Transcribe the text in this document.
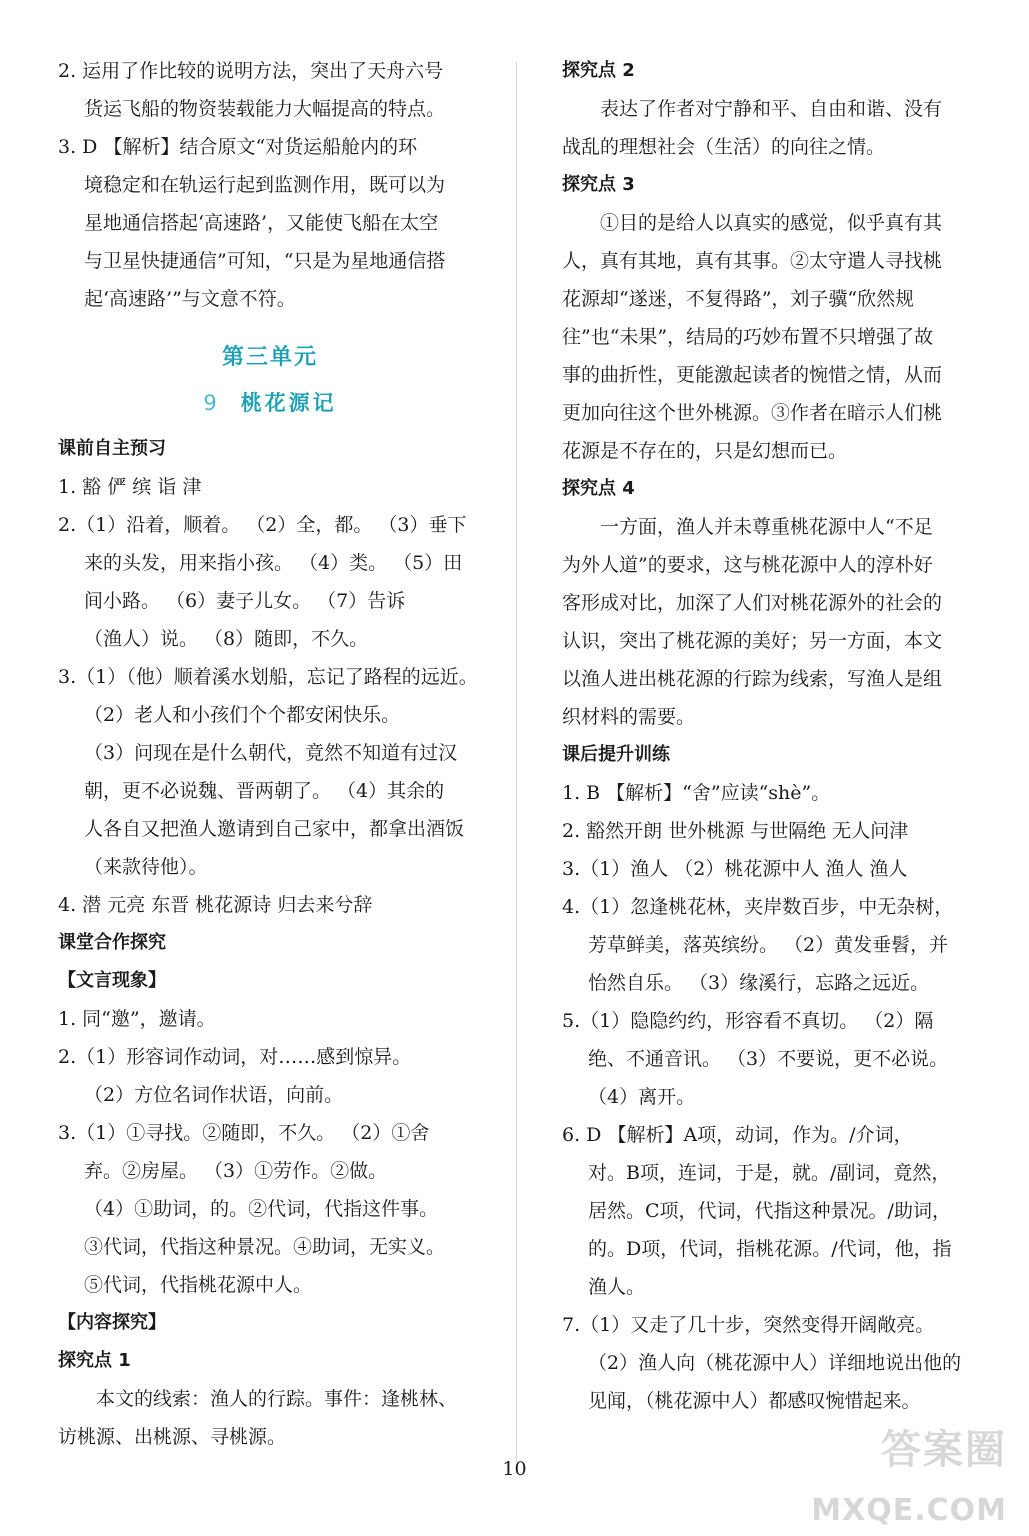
2. 运用了作比较的说明方法，突出了天舟六号
货运飞船的物资装载能力大幅提高的特点。

3. D 【解析】结合原文“对货运船舱内的环
境稳定和在轨运行起到监测作用，既可以为
星地通信搭起‘高速路’，又能使飞船在太空
与卫星快捷通信”可知，“只是为星地通信搭
起‘高速路’”与文意不符。

第三单元
9 桃花源记

课前自主预习

1. 豁 俨 缤 诣 津

2.（1）沿着，顺着。 （2）全，都。 （3）垂下
来的头发，用来指小孩。 （4）类。 （5）田
间小路。 （6）妻子儿女。 （7）告诉
（渔人）说。 （8）随即，不久。

3.（1）（他）顺着溪水划船，忘记了路程的远近。

（2）老人和小孩们个个都安闲快乐。

（3）问现在是什么朝代，竟然不知道有过汉
朝，更不必说魏、晋两朝了。 （4）其余的
人各自又把渔人邀请到自己家中，都拿出酒饭
（来款待他）。

4. 潜 元亮 东晋 桃花源诗 归去来兮辞

课堂合作探究

【文言现象】

1. 同“邀”，邀请。

2.（1）形容词作动词，对……感到惊异。

（2）方位名词作状语，向前。

3.（1）①寻找。②随即，不久。 （2）①舍
弃。②房屋。 （3）①劳作。②做。

（4）①助词，的。②代词，代指这件事。
③代词，代指这种景况。④助词，无实义。
⑤代词，代指桃花源中人。

【内容探究】

探究点 1

本文的线索：渔人的行踪。事件：逢桃林、
访桃源、出桃源、寻桃源。

探究点 2

表达了作者对宁静和平、自由和谐、没有
战乱的理想社会（生活）的向往之情。

探究点 3

①目的是给人以真实的感觉，似乎真有其
人，真有其地，真有其事。②太守遣人寻找桃
花源却“遂迷，不复得路”，刘子骥“欣然规
往”也“未果”，结局的巧妙布置不只增强了故
事的曲折性，更能激起读者的惋惜之情，从而
更加向往这个世外桃源。③作者在暗示人们桃
花源是不存在的，只是幻想而已。

探究点 4

一方面，渔人并未尊重桃花源中人“不足
为外人道”的要求，这与桃花源中人的淳朴好
客形成对比，加深了人们对桃花源外的社会的
认识，突出了桃花源的美好；另一方面，本文
以渔人进出桃花源的行踪为线索，写渔人是组
织材料的需要。

课后提升训练

1. B 【解析】“舍”应读“shè”。

2. 豁然开朗 世外桃源 与世隔绝 无人问津

3.（1）渔人 （2）桃花源中人 渔人 渔人

4.（1）忽逢桃花林，夹岸数百步，中无杂树，
芳草鲜美，落英缤纷。 （2）黄发垂髫，并
怡然自乐。 （3）缘溪行，忘路之远近。

5.（1）隐隐约约，形容看不真切。 （2）隔
绝、不通音讯。 （3）不要说，更不必说。

（4）离开。

6. D 【解析】A项，动词，作为。/介词，
对。B项，连词，于是，就。/副词，竟然，
居然。C项，代词，代指这种景况。/助词，
的。D项，代词，指桃花源。/代词，他，指
渔人。

7.（1）又走了几十步，突然变得开阔敞亮。

（2）渔人向（桃花源中人）详细地说出他的
见闻，（桃花源中人）都感叹惋惜起来。

10	答案圈
MXQE.COM
